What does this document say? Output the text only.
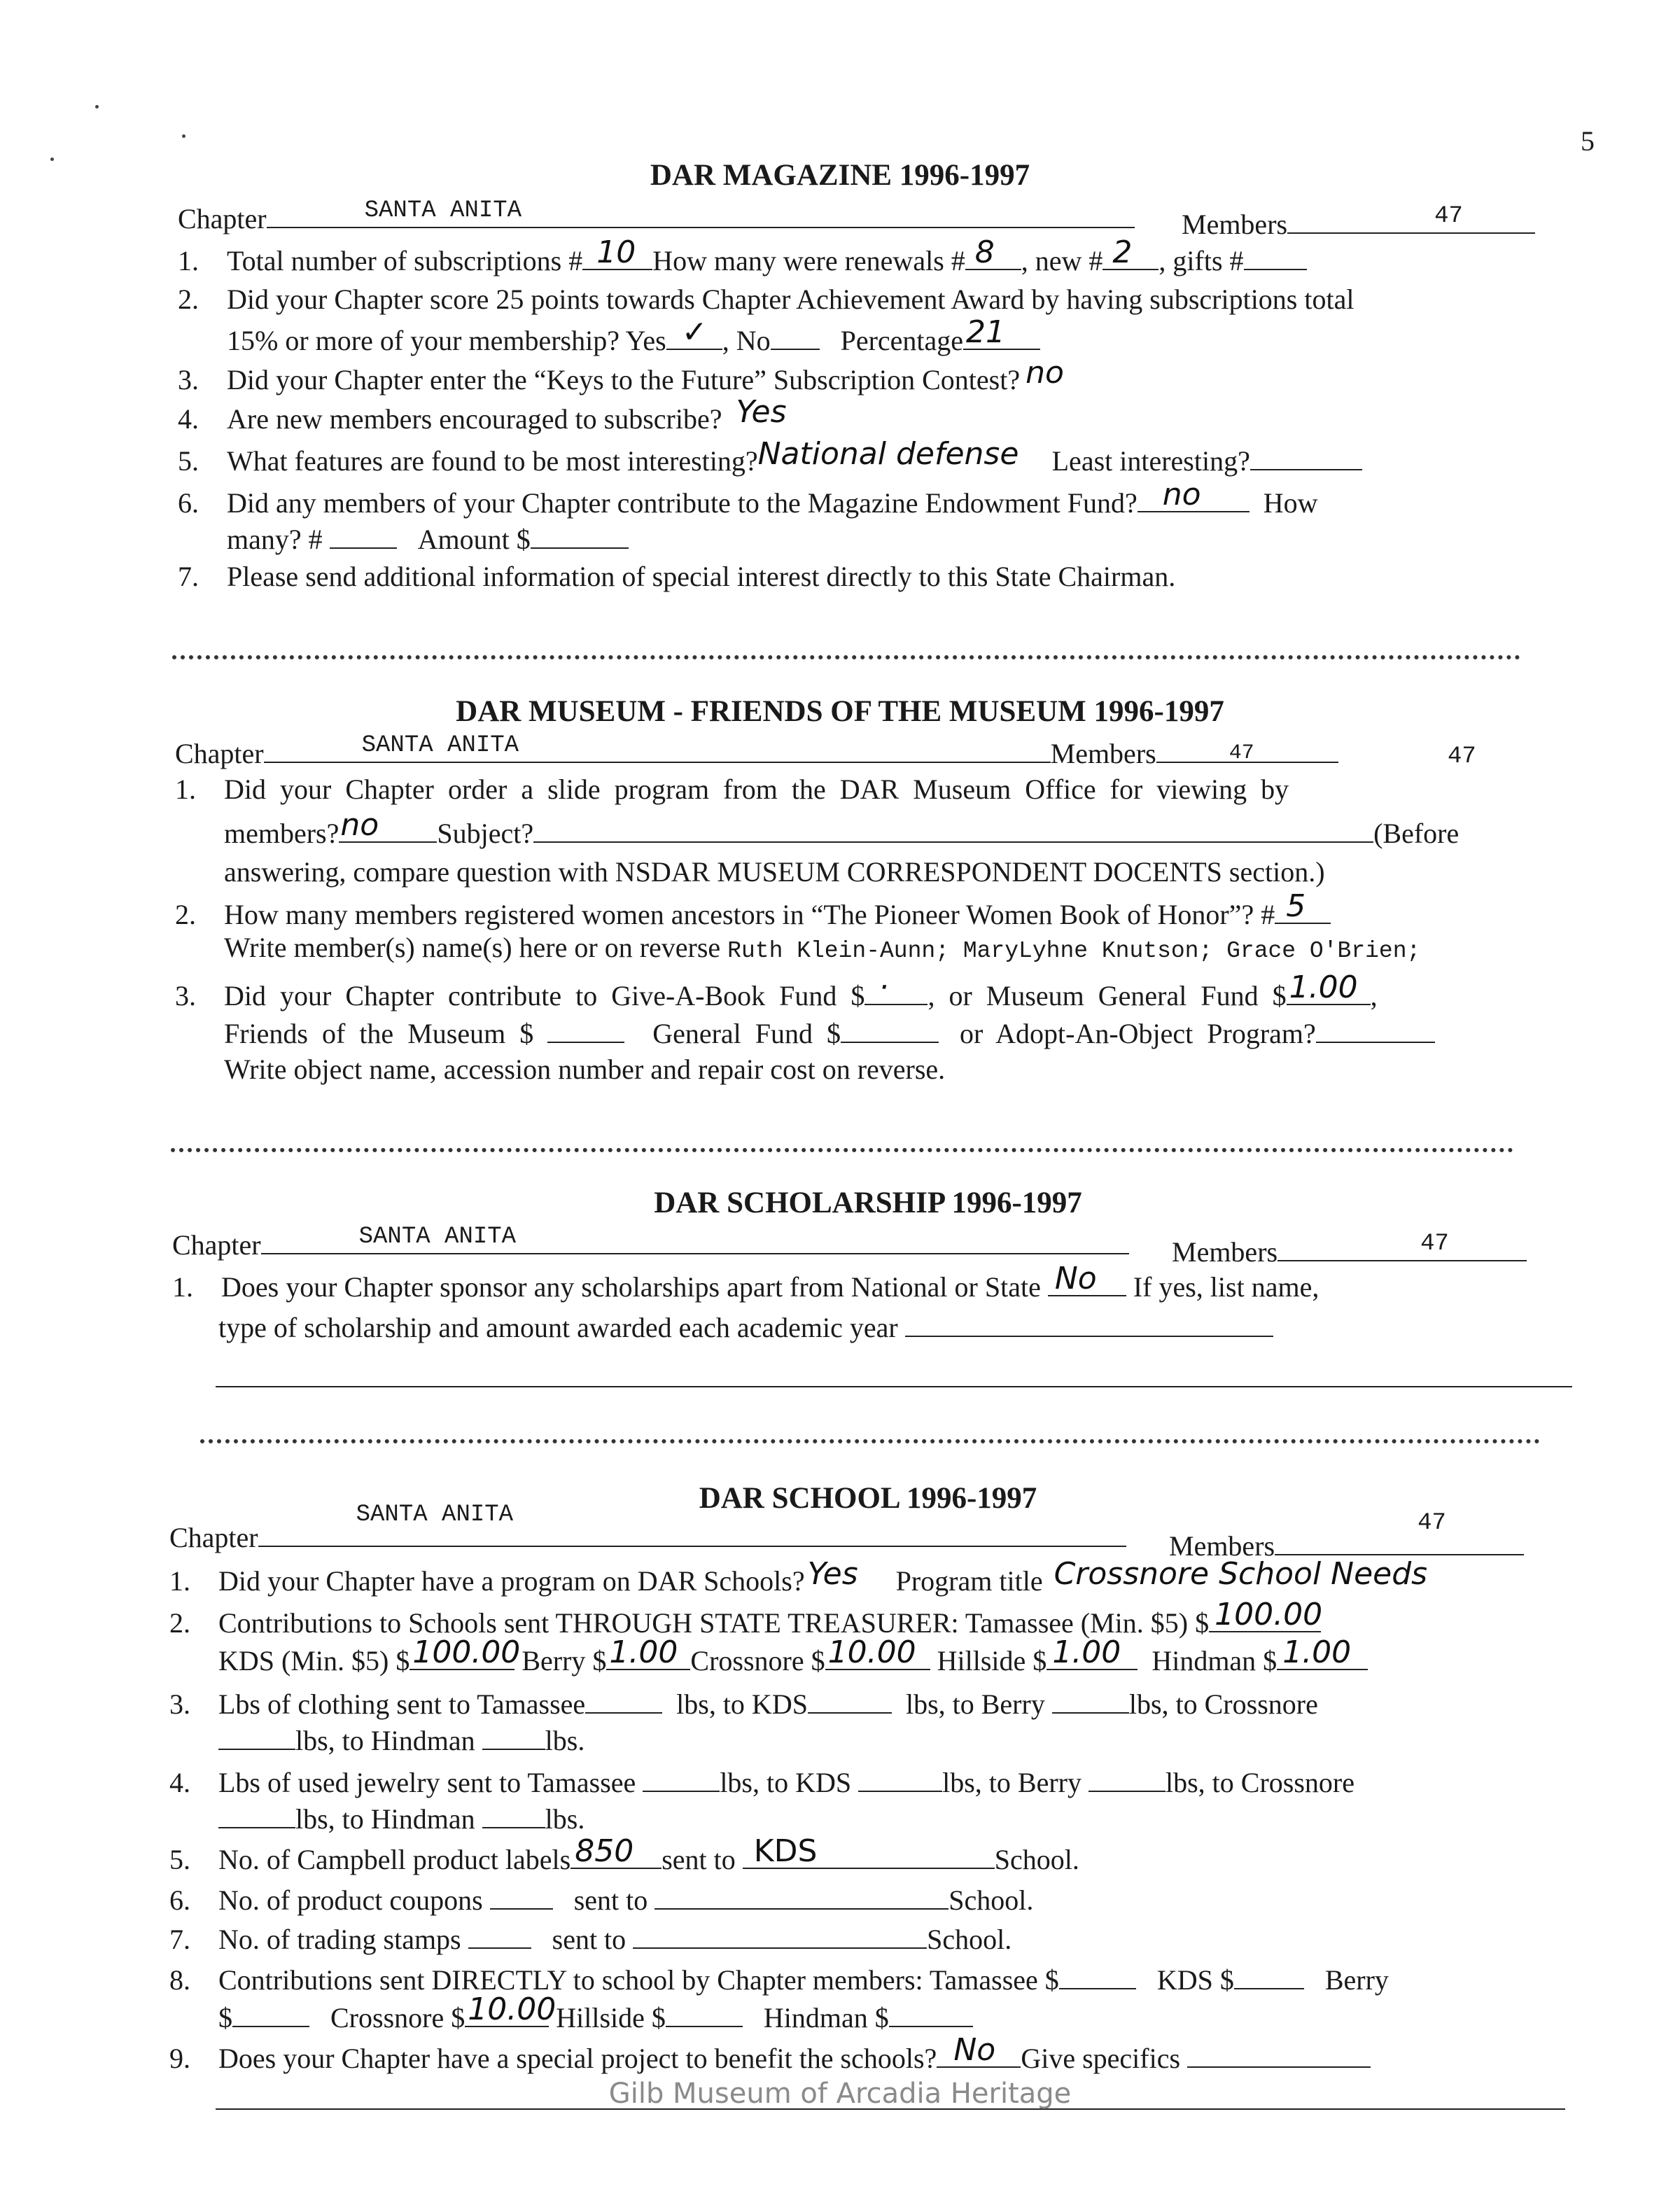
5
DAR MAGAZINE 1996-1997
Chapter	SANTA ANITA	Members	47
1. Total number of subscriptions # 10 How many were renewals # 8 , new # 2 , gifts #
2. Did your Chapter score 25 points towards Chapter Achievement Award by having subscriptions total
15% or more of your membership? Yes ✓ , No	Percentage 21
3. Did your Chapter enter the “Keys to the Future” Subscription Contest? no
4. Are new members encouraged to subscribe? Yes
5. What features are found to be most interesting? National defense Least interesting?
6. Did any members of your Chapter contribute to the Magazine Endowment Fund? no How
many? #	Amount $
7. Please send additional information of special interest directly to this State Chairman.
DAR MUSEUM - FRIENDS OF THE MUSEUM 1996-1997
Chapter	SANTA ANITA	Members	47	47
1. Did  your  Chapter  order  a  slide  program  from  the  DAR  Museum  Office  for  viewing  by
members? no Subject?	(Before
answering, compare question with NSDAR MUSEUM CORRESPONDENT DOCENTS section.)
2. How many members registered women ancestors in “The Pioneer Women Book of Honor”? # 5
Write member(s) name(s) here or on reverse Ruth Klein-Aunn; MaryLyhne Knutson; Grace O'Brien;
3. Did  your  Chapter  contribute  to  Give-A-Book  Fund  $ · ,  or  Museum  General  Fund  $ 1.00 ,
Friends  of  the  Museum  $	General  Fund  $	or  Adopt-An-Object  Program?
Write object name, accession number and repair cost on reverse.
DAR SCHOLARSHIP 1996-1997
Chapter	SANTA ANITA	Members	47
1. Does your Chapter sponsor any scholarships apart from National or State No If yes, list name,
type of scholarship and amount awarded each academic year
DAR SCHOOL 1996-1997
Chapter
SANTA ANITA
Members
47
1. Did your Chapter have a program on DAR Schools? Yes Program title Crossnore School Needs
2. Contributions to Schools sent THROUGH STATE TREASURER: Tamassee (Min. $5) $ 100.00
KDS (Min. $5) $ 100.00 Berry $ 1.00 Crossnore $ 10.00 Hillside $ 1.00 Hindman $ 1.00
3. Lbs of clothing sent to Tamassee	lbs, to KDS	lbs, to Berry	lbs, to Crossnore
lbs, to Hindman	lbs.
4. Lbs of used jewelry sent to Tamassee	lbs, to KDS	lbs, to Berry	lbs, to Crossnore
lbs, to Hindman	lbs.
5. No. of Campbell product labels 850 sent to KDS	School.
6. No. of product coupons	sent to	School.
7. No. of trading stamps	sent to	School.
8. Contributions sent DIRECTLY to school by Chapter members: Tamassee $	KDS $	Berry
$	Crossnore $ 10.00 Hillside $	Hindman $
9. Does your Chapter have a special project to benefit the schools? No Give specifics
Gilb Museum of Arcadia Heritage
